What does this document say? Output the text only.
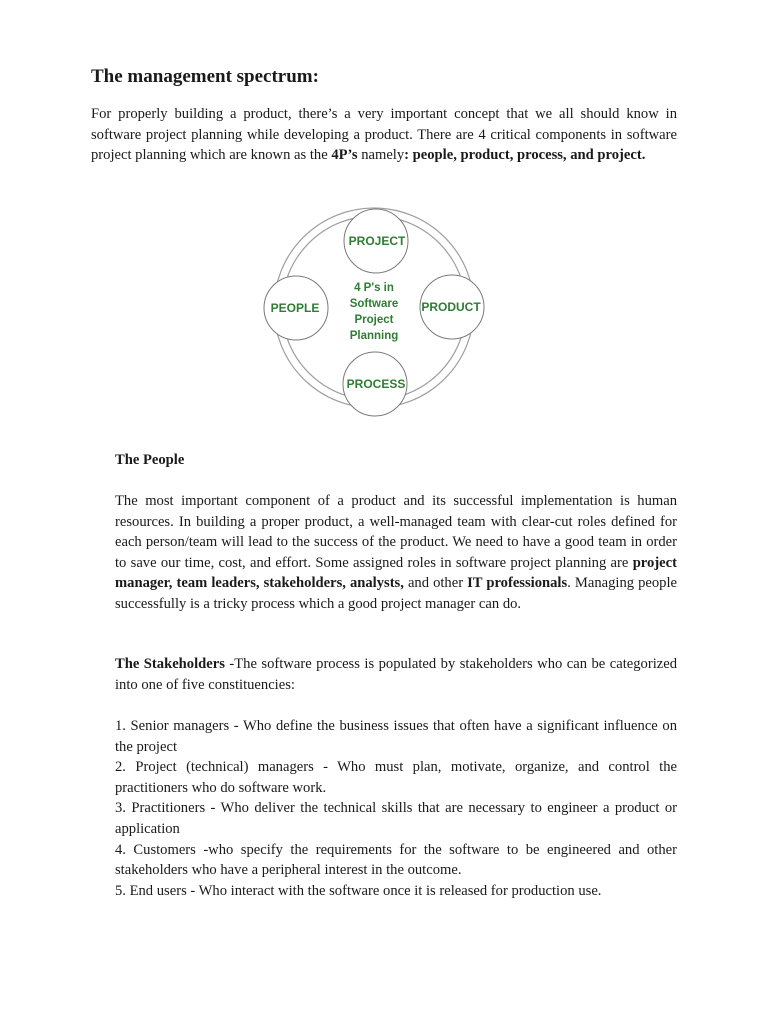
The management spectrum:

For properly building a product, there’s a very important concept that we all should know in software project planning while developing a product. There are 4 critical components in software project planning which are known as the 4P’s namely: people, product, process, and project.

PROJECT
PEOPLE	PRODUCT
PROCESS
4 P's in
Software
Project
Planning
The People

The most important component of a product and its successful implementation is human resources. In building a proper product, a well-managed team with clear-cut roles defined for each person/team will lead to the success of the product. We need to have a good team in order to save our time, cost, and effort. Some assigned roles in software project planning are project manager, team leaders, stakeholders, analysts, and other IT professionals. Managing people successfully is a tricky process which a good project manager can do.

The Stakeholders -The software process is populated by stakeholders who can be categorized into one of five constituencies:

1. Senior managers - Who define the business issues that often have a significant influence on the project
2. Project (technical) managers - Who must plan, motivate, organize, and control the practitioners who do software work.
3. Practitioners - Who deliver the technical skills that are necessary to engineer a product or application
4. Customers -who specify the requirements for the software to be engineered and other stakeholders who have a peripheral interest in the outcome.
5. End users - Who interact with the software once it is released for production use.
